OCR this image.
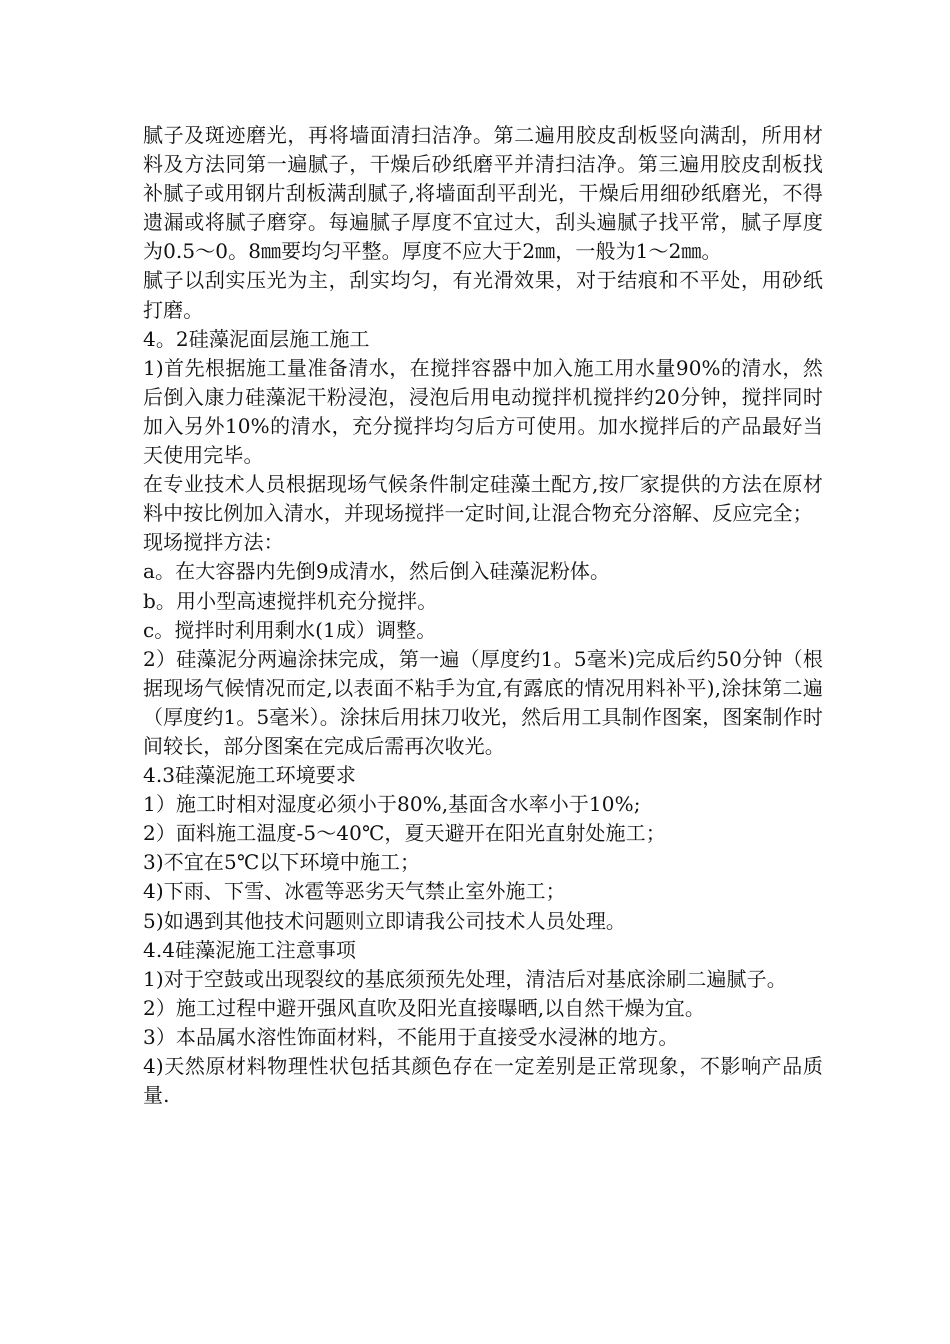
腻子及斑迹磨光，再将墙面清扫洁净。第二遍用胶皮刮板竖向满刮，所用材料及方法同第一遍腻子，干燥后砂纸磨平并清扫洁净。第三遍用胶皮刮板找补腻子或用钢片刮板满刮腻子,将墙面刮平刮光，干燥后用细砂纸磨光，不得遗漏或将腻子磨穿。每遍腻子厚度不宜过大，刮头遍腻子找平常，腻子厚度为0.5～0。8㎜要均匀平整。厚度不应大于2㎜，一般为1～2㎜。

腻子以刮实压光为主，刮实均匀，有光滑效果，对于结痕和不平处，用砂纸打磨。

4。2硅藻泥面层施工施工

1)首先根据施工量准备清水，在搅拌容器中加入施工用水量90%的清水，然后倒入康力硅藻泥干粉浸泡，浸泡后用电动搅拌机搅拌约20分钟，搅拌同时加入另外10%的清水，充分搅拌均匀后方可使用。加水搅拌后的产品最好当天使用完毕。

在专业技术人员根据现场气候条件制定硅藻土配方,按厂家提供的方法在原材料中按比例加入清水，并现场搅拌一定时间,让混合物充分溶解、反应完全；

现场搅拌方法：

a。在大容器内先倒9成清水，然后倒入硅藻泥粉体。

b。用小型高速搅拌机充分搅拌。

c。搅拌时利用剩水(1成）调整。

2）硅藻泥分两遍涂抹完成，第一遍（厚度约1。5毫米)完成后约50分钟（根据现场气候情况而定,以表面不粘手为宜,有露底的情况用料补平),涂抹第二遍（厚度约1。5毫米）。涂抹后用抹刀收光，然后用工具制作图案，图案制作时间较长，部分图案在完成后需再次收光。

4.3硅藻泥施工环境要求

1）施工时相对湿度必须小于80%,基面含水率小于10%;

2）面料施工温度-5～40℃，夏天避开在阳光直射处施工；

3)不宜在5℃以下环境中施工；

4)下雨、下雪、冰雹等恶劣天气禁止室外施工；

5)如遇到其他技术问题则立即请我公司技术人员处理。

4.4硅藻泥施工注意事项

1)对于空鼓或出现裂纹的基底须预先处理，清洁后对基底涂刷二遍腻子。

2）施工过程中避开强风直吹及阳光直接曝晒,以自然干燥为宜。

3）本品属水溶性饰面材料，不能用于直接受水浸淋的地方。

4)天然原材料物理性状包括其颜色存在一定差别是正常现象，不影响产品质量.
